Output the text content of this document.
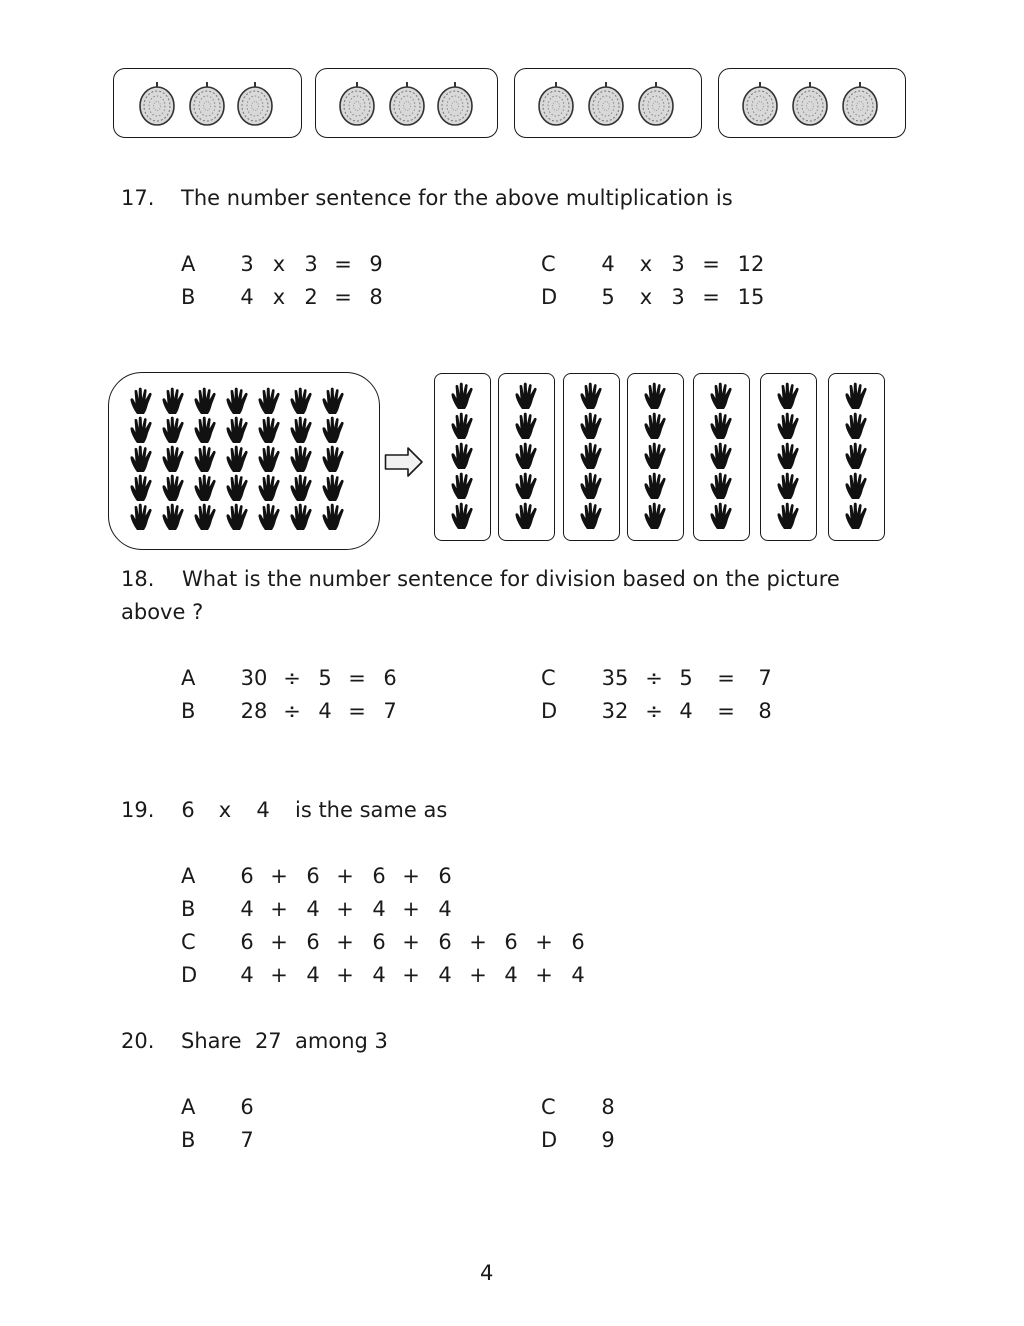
17. The number sentence for the above multiplication is
A	3 x 3 = 9
B	4 x 2 = 8
C	4	x 3 = 12
D	5	x 3 = 15
18. What is the number sentence for division based on the picture
above ?
A 30 ÷ 5 = 6
B 28 ÷ 4 = 7
C 35 ÷ 5	=	7
D 32 ÷ 4	=	8
19.	6	x	4	is the same as
A	6 + 6 + 6 + 6
B	4 + 4 + 4 + 4
C	6 + 6 + 6 + 6 + 6 + 6
D	4 + 4 + 4 + 4 + 4 + 4
20. Share  27  among 3
A	6
B	7
C	8
D	9
4
